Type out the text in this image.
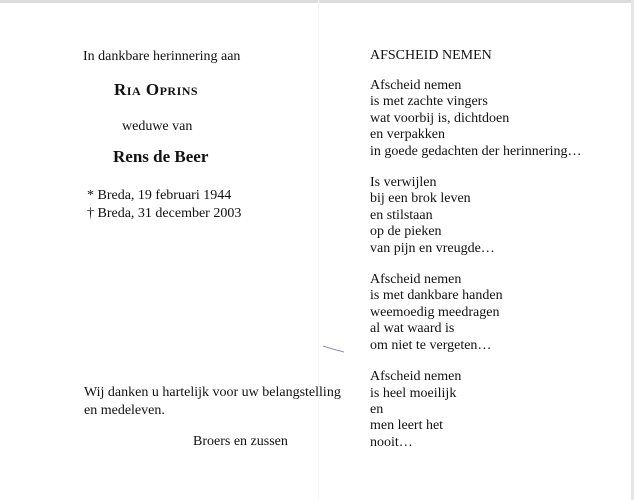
In dankbare herinnering aan
Ria Oprins
weduwe van
Rens de Beer
* Breda, 19 februari 1944
† Breda, 31 december 2003
Wij danken u hartelijk voor uw belangstelling
en medeleven.
Broers en zussen
AFSCHEID NEMEN
Afscheid nemen
is met zachte vingers
wat voorbij is, dichtdoen
en verpakken
in goede gedachten der herinnering…
Is verwijlen
bij een brok leven
en stilstaan
op de pieken
van pijn en vreugde…
Afscheid nemen
is met dankbare handen
weemoedig meedragen
al wat waard is
om niet te vergeten…
Afscheid nemen
is heel moeilijk
en
men leert het
nooit…
